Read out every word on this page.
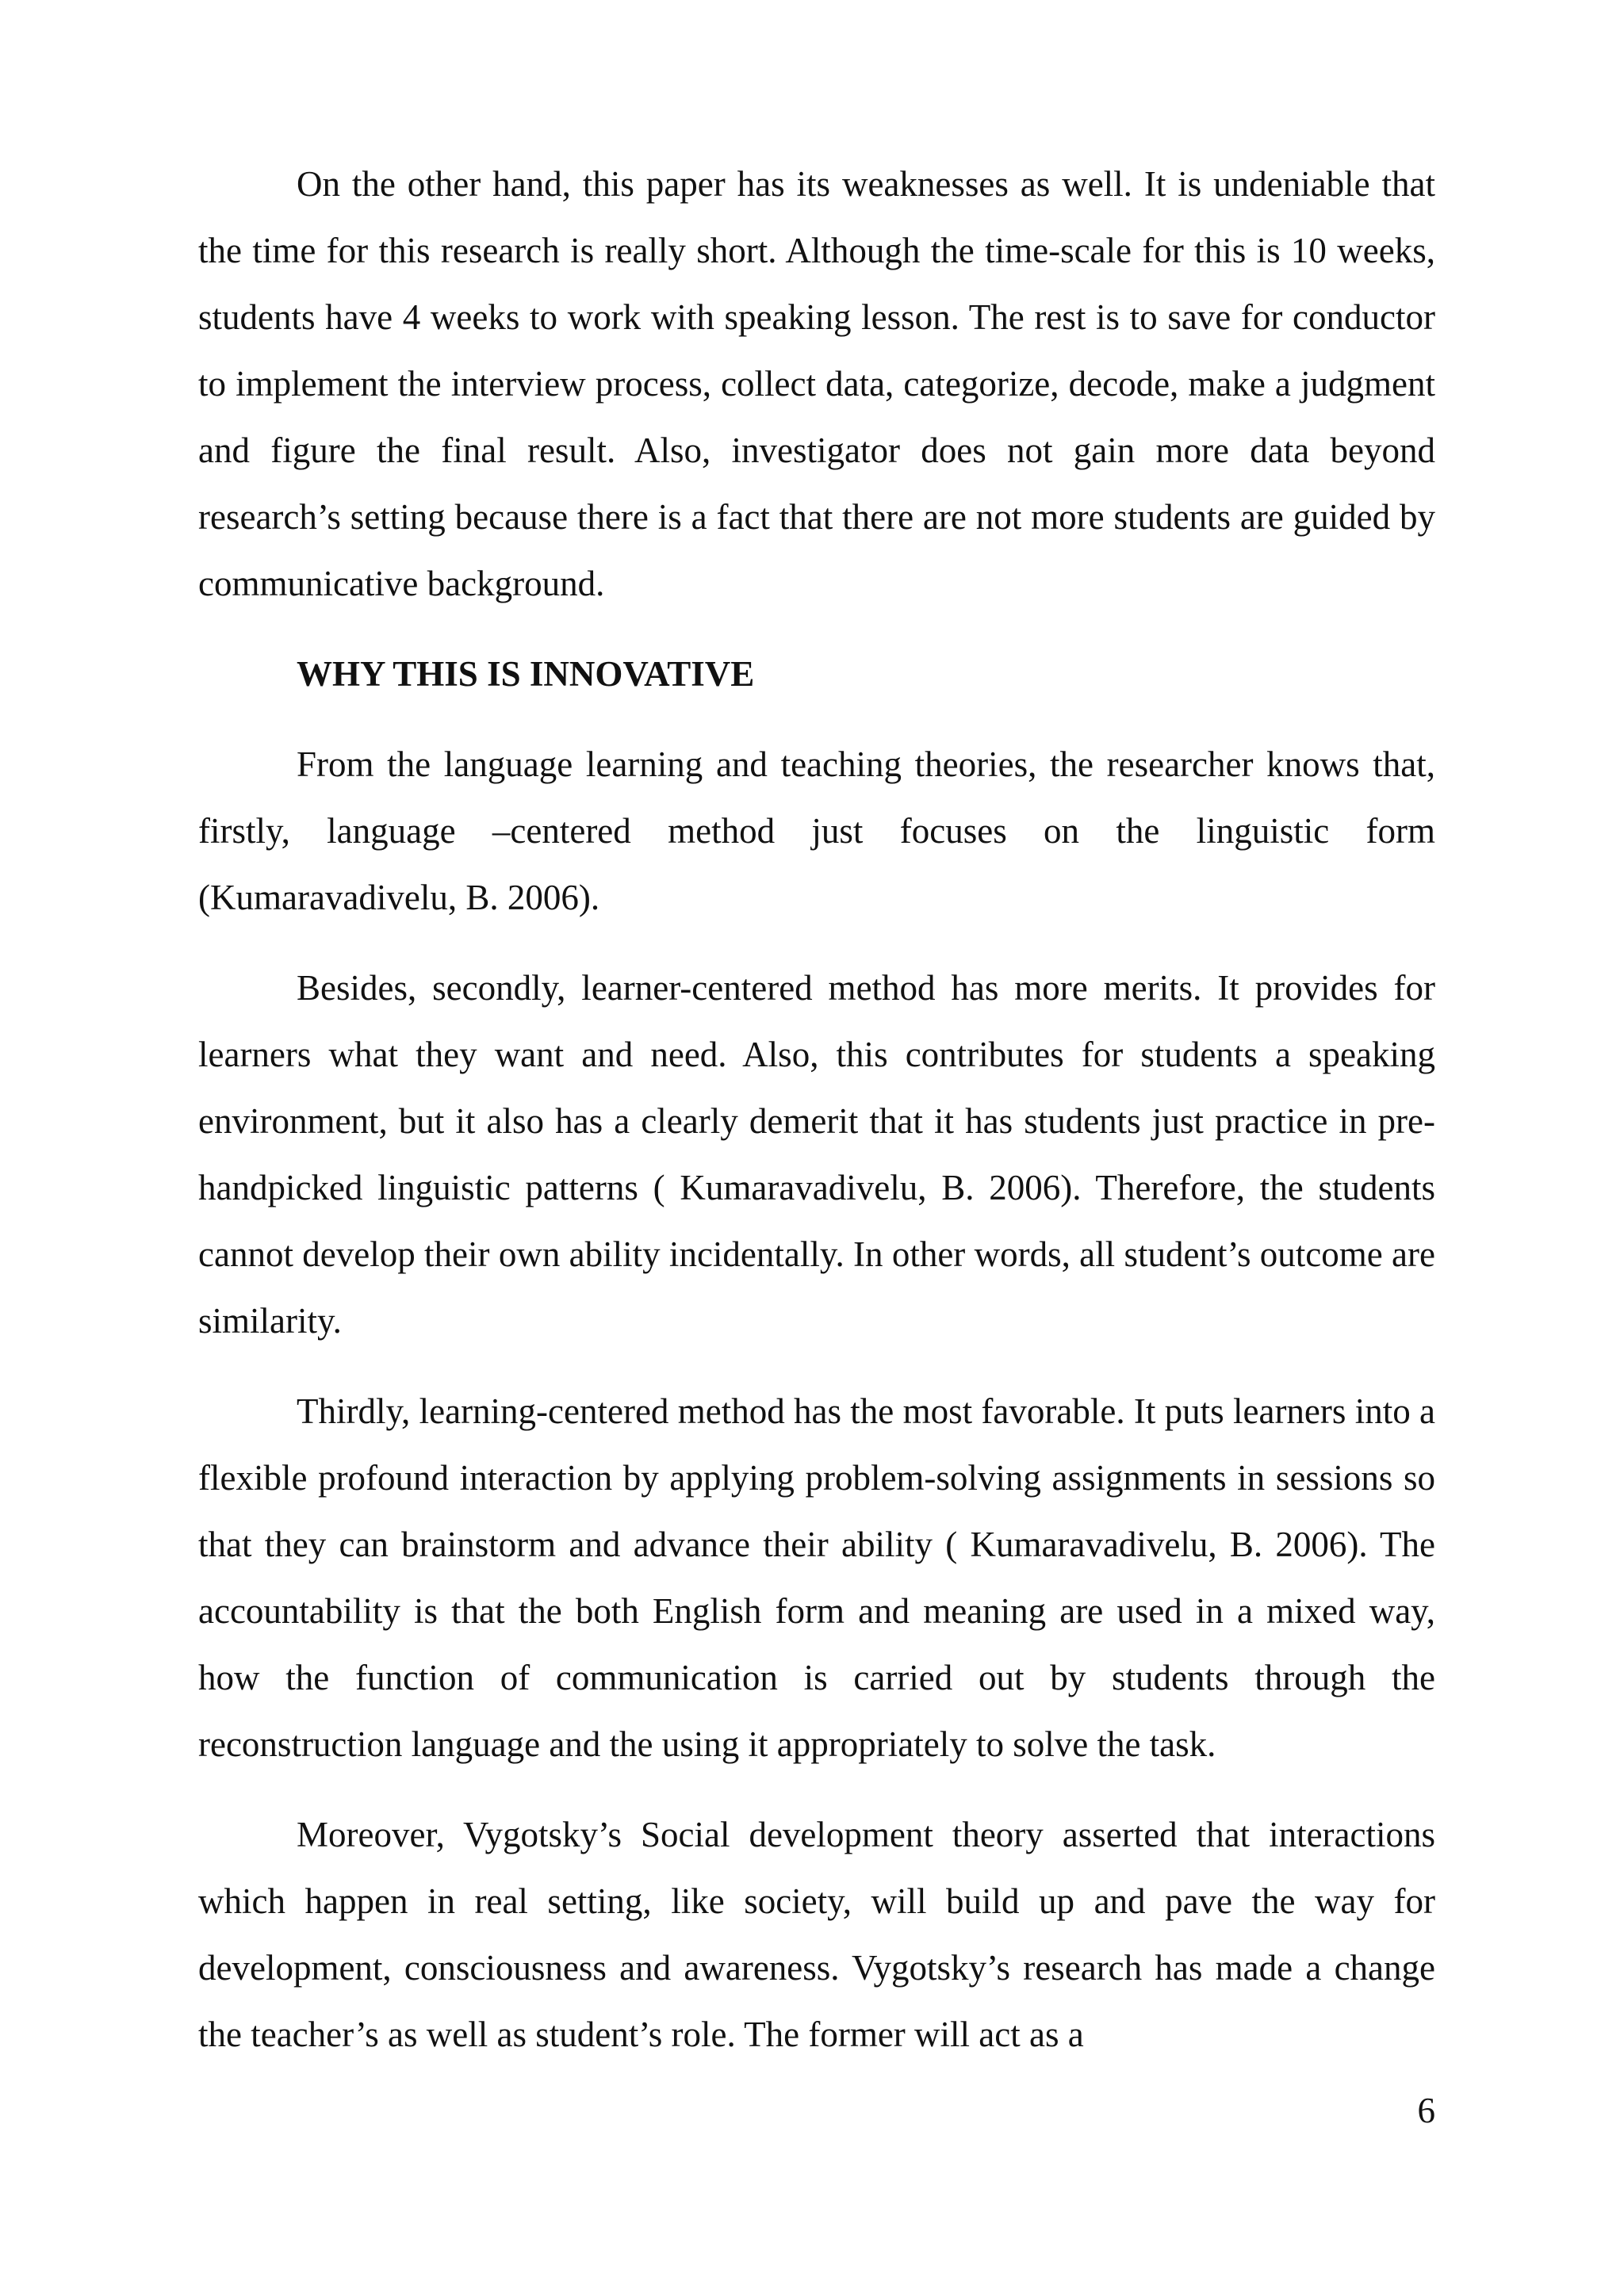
On the other hand, this paper has its weaknesses as well. It is undeniable that the time for this research is really short. Although the time-scale for this is 10 weeks, students have 4 weeks to work with speaking lesson. The rest is to save for conductor to implement the interview process, collect data, categorize, decode, make a judgment and figure the final result. Also, investigator does not gain more data beyond research’s setting because there is a fact that there are not more students are guided by communicative background.

WHY THIS IS INNOVATIVE

From the language learning and teaching theories, the researcher knows that, firstly, language –centered method just focuses on the linguistic form (Kumaravadivelu, B. 2006).

Besides, secondly, learner-centered method has more merits. It provides for learners what they want and need. Also, this contributes for students a speaking environment, but it also has a clearly demerit that it has students just practice in pre-handpicked linguistic patterns ( Kumaravadivelu, B. 2006). Therefore, the students cannot develop their own ability incidentally. In other words, all student’s outcome are similarity.

Thirdly, learning-centered method has the most favorable. It puts learners into a flexible profound interaction by applying problem-solving assignments in sessions so that they can brainstorm and advance their ability ( Kumaravadivelu, B. 2006). The accountability is that the both English form and meaning are used in a mixed way, how the function of communication is carried out by students through the reconstruction language and the using it appropriately to solve the task.

Moreover, Vygotsky’s Social development theory asserted that interactions which happen in real setting, like society, will build up and pave the way for development, consciousness and awareness. Vygotsky’s research has made a change the teacher’s as well as student’s role. The former will act as a

6
